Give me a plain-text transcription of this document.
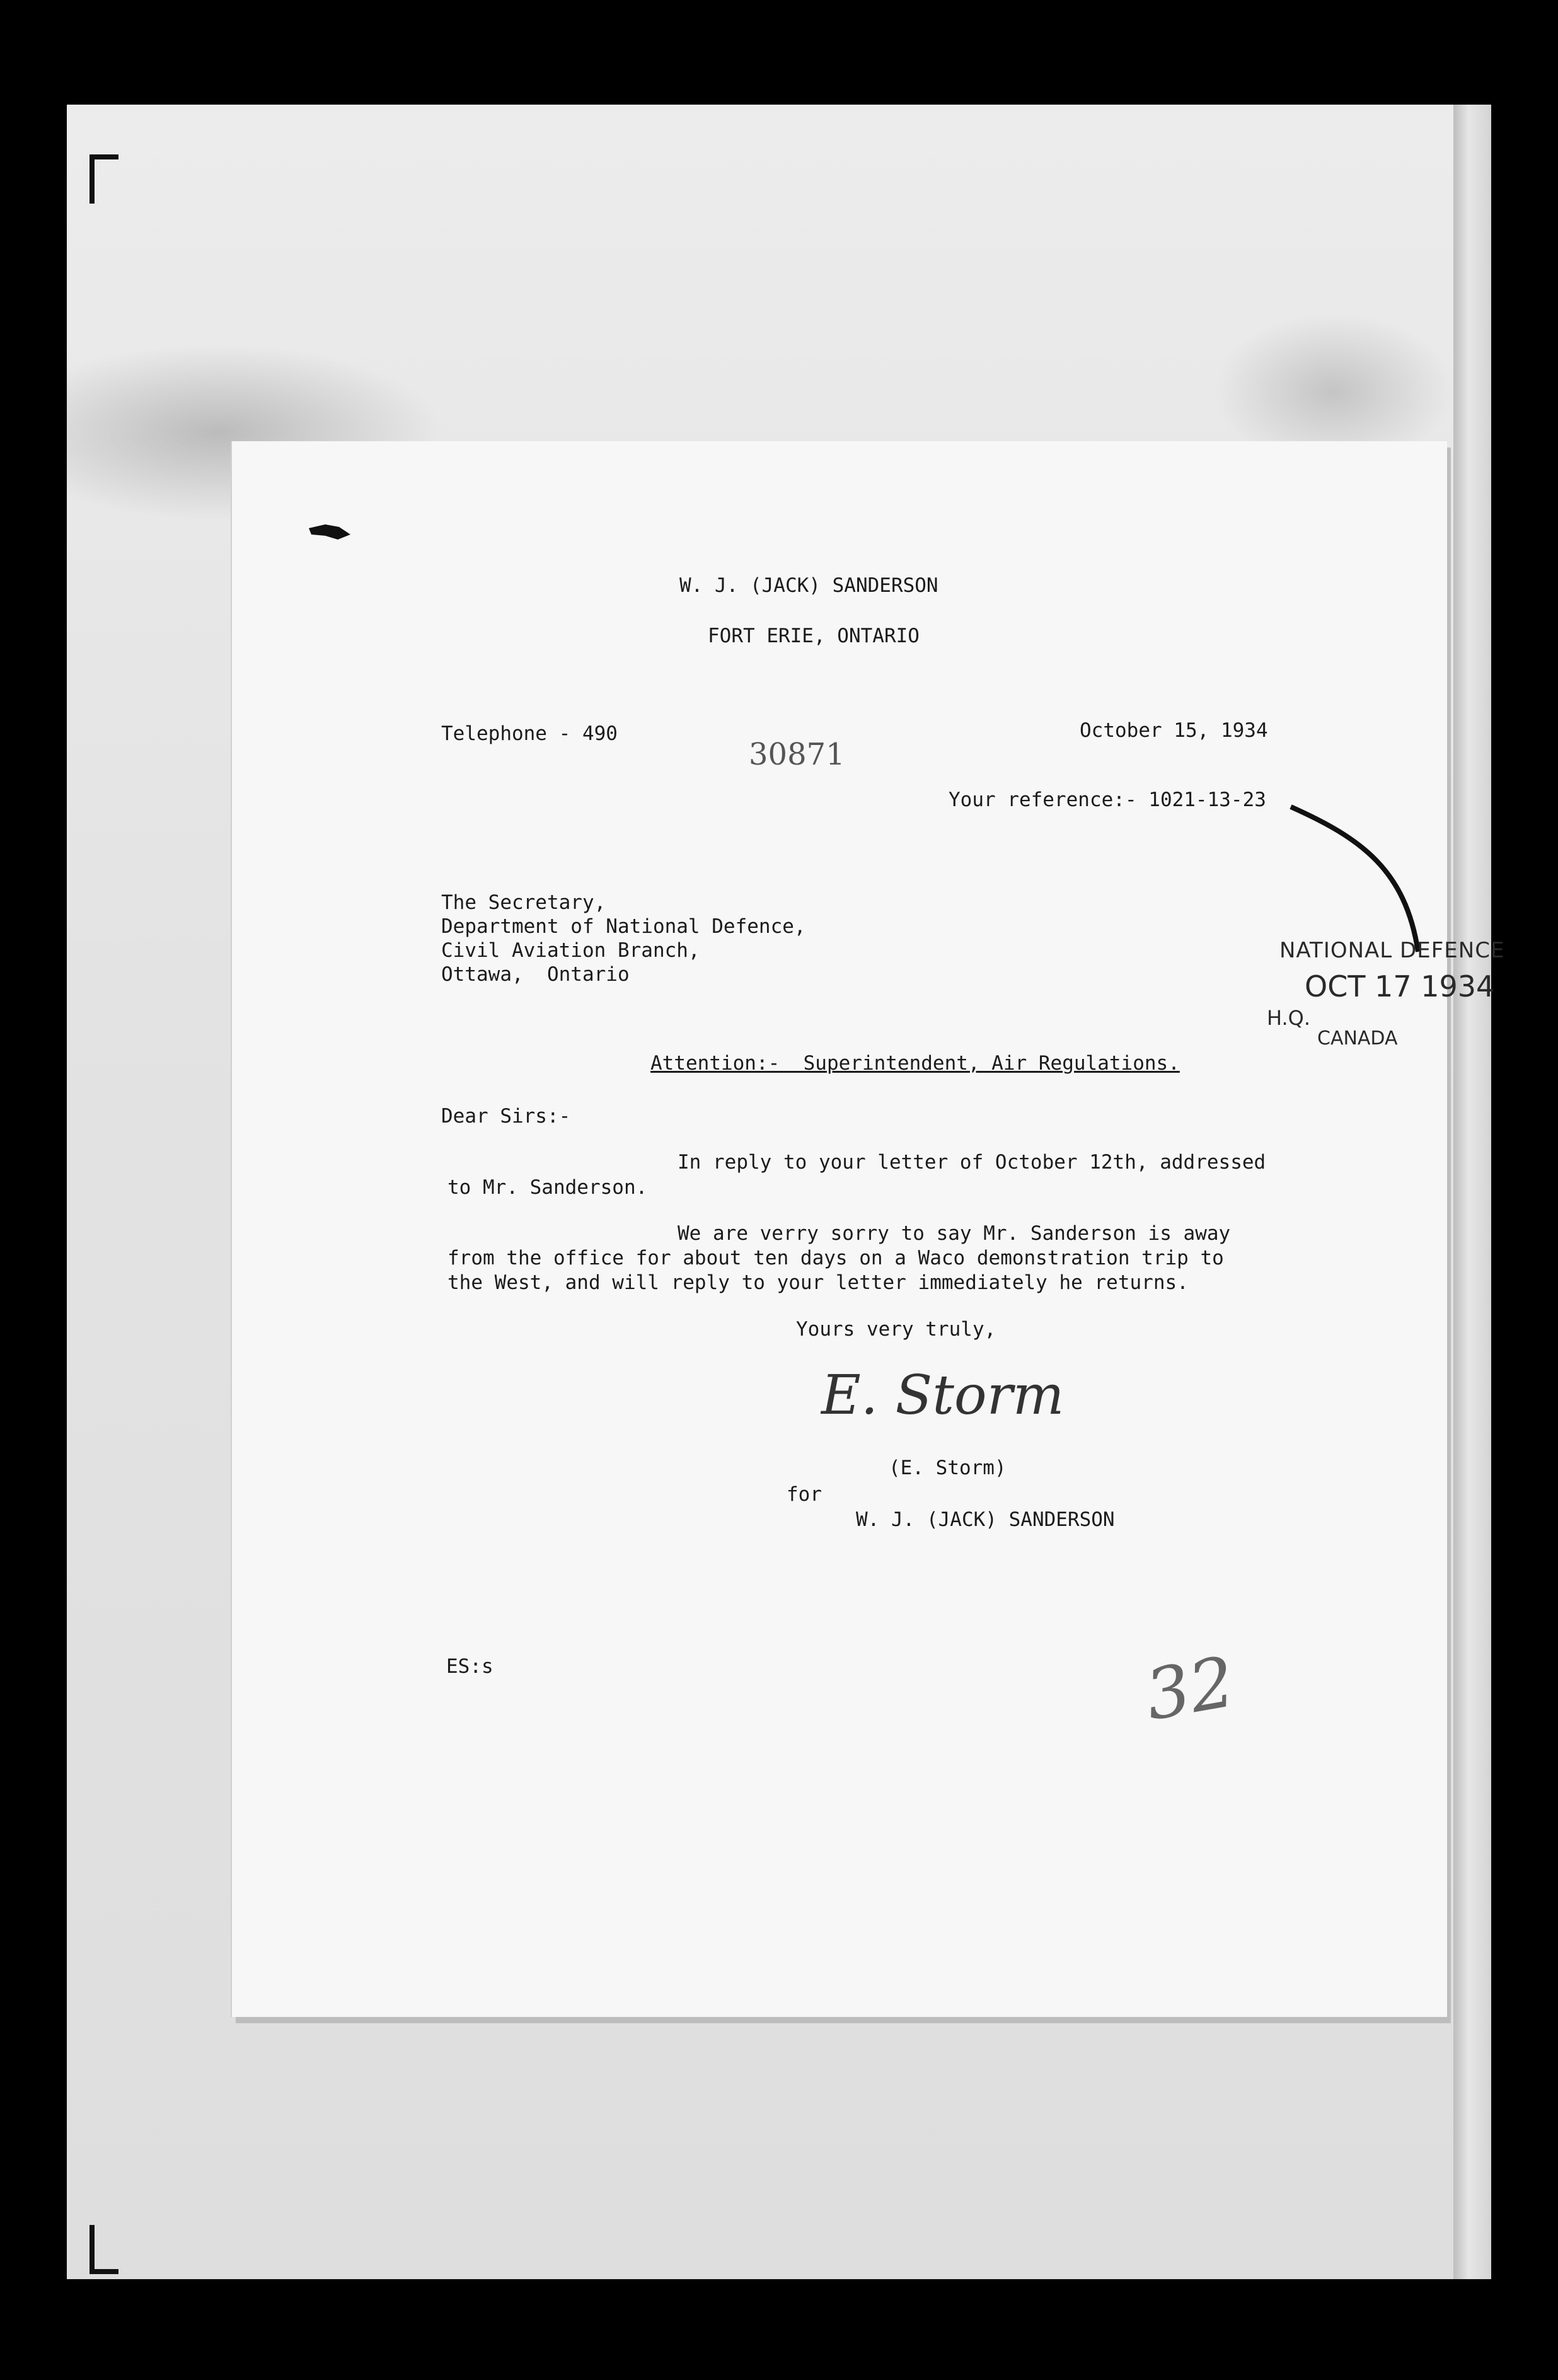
W. J. (JACK) SANDERSON

FORT ERIE, ONTARIO

Telephone - 490	October 15, 1934

30871

Your reference:- 1021-13-23

The Secretary,

Department of National Defence,

Civil Aviation Branch,

Ottawa,  Ontario

Attention:-  Superintendent, Air Regulations.

Dear Sirs:-

In reply to your letter of October 12th, addressed

to Mr. Sanderson.

We are verry sorry to say Mr. Sanderson is away

from the office for about ten days on a Waco demonstration trip to

the West, and will reply to your letter immediately he returns.

Yours very truly,

E. Storm

(E. Storm)

for

W. J. (JACK) SANDERSON

ES:s	32
NATIONAL DEFENCE
OCT 17 1934
H.Q.
CANADA
